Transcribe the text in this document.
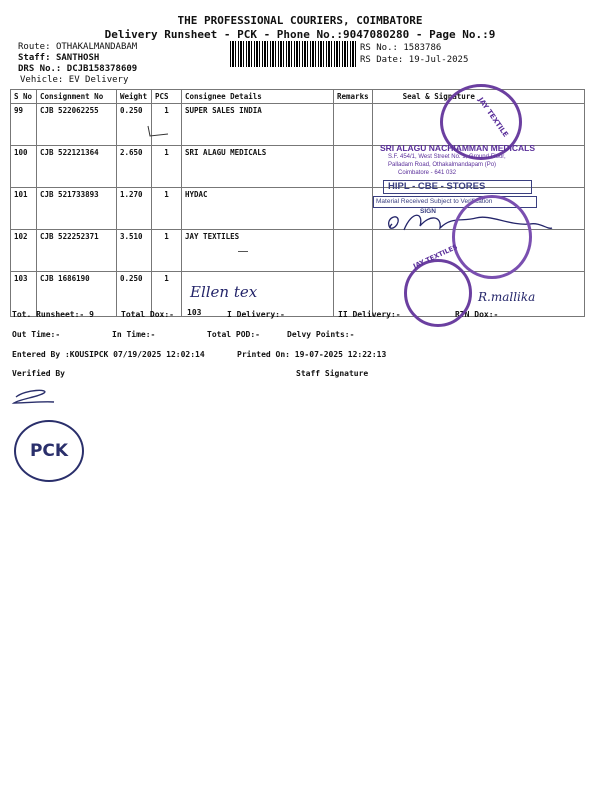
THE PROFESSIONAL COURIERS, COIMBATORE
Delivery Runsheet - PCK - Phone No.:9047080280 - Page No.:9
Route: OTHAKALMANDABAM
Staff: SANTHOSH
DRS No.: DCJB158378609
Vehicle: EV Delivery
RS No.: 1583786
RS Date: 19-Jul-2025
S No	Consignment No	Weight	PCS	Consignee Details	Remarks	Seal & Signature
99	CJB 522062255	0.250	1	SUPER SALES INDIA		
100	CJB 522121364	2.650	1	SRI ALAGU MEDICALS		
101	CJB 521733893	1.270	1	HYDAC		
102	CJB 522252371	3.510	1	JAY TEXTILES		
103	CJB 1686190	0.250	1			
Tot. Runsheet:- 9	Total Dox:- 103	I Delivery:-	II Delivery:-	RTN Dox:-
Out Time:-	In Time:-	Total POD:-	Delvy Points:-
Entered By :KOUSIPCK 07/19/2025 12:02:14	Printed On: 19-07-2025 12:22:13
Verified By	Staff Signature
PCK
JAY TEXTILE
SRI ALAGU NACHIAMMAN MEDICALS
S.F. 454/1, West Street No. 1, Ground Floor,
Palladam Road, Othakalmandapam (Po)
Coimbatore - 641 032
HIPL - CBE - STORES
Material Received Subject to Verification
SIGN
JAY TEXTILES
Ellen tex	R.mallika
